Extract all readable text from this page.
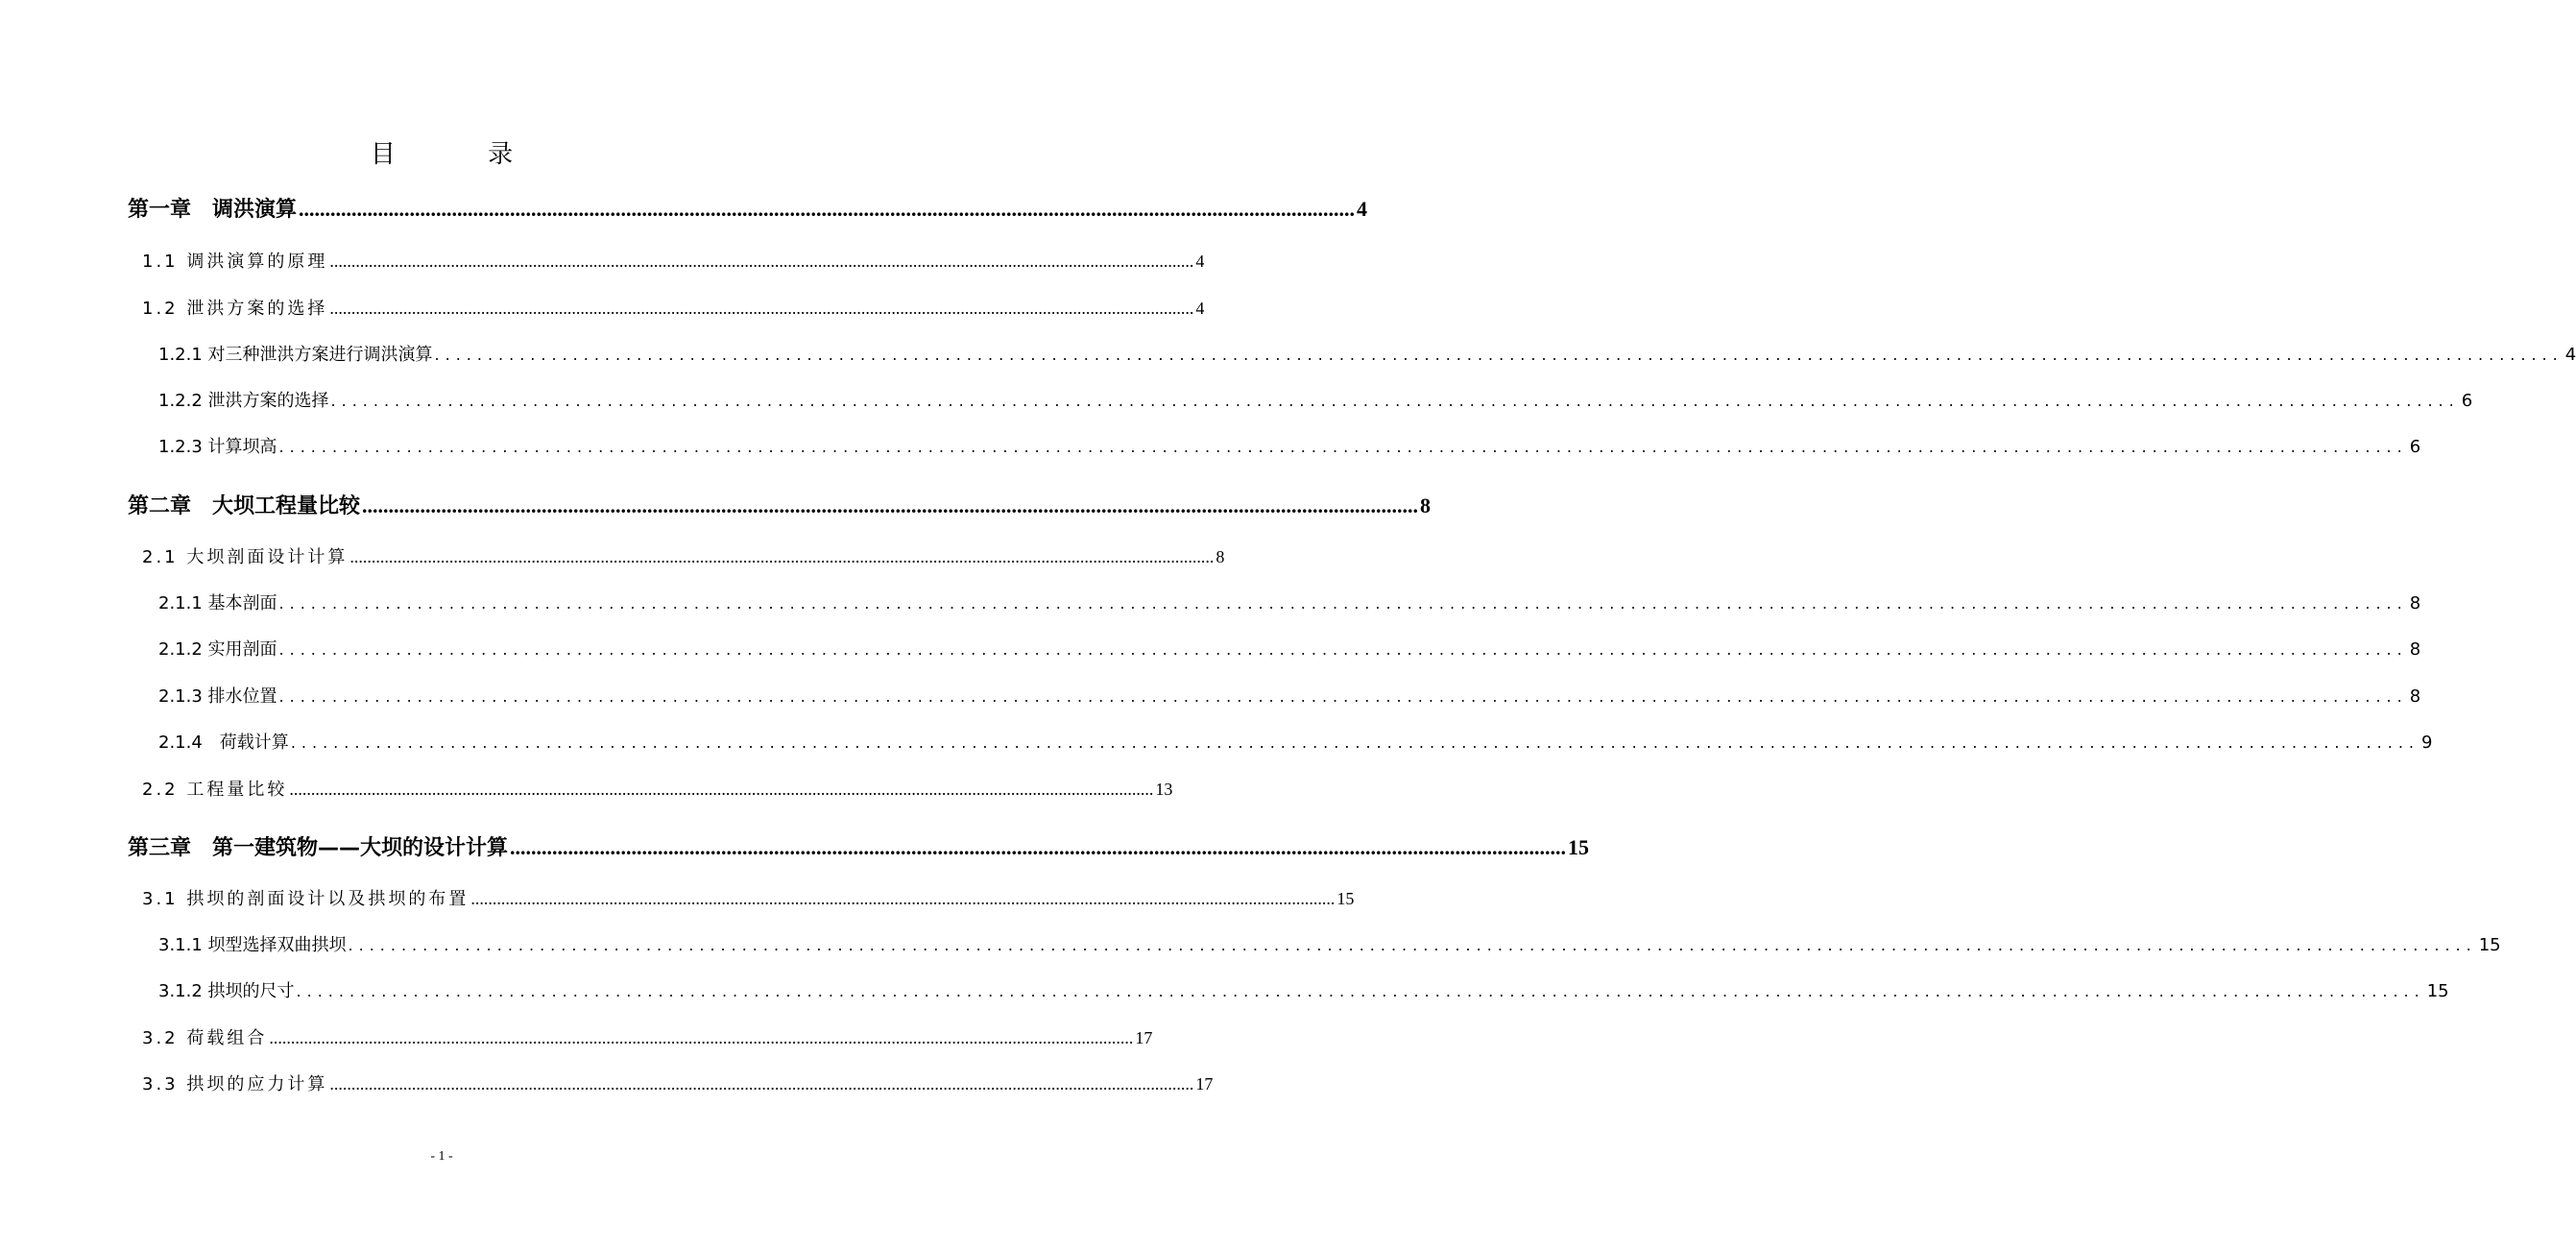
目 录
第一章　调洪演算 ........................................................................................................................................................................................................ 4
1.1 调洪演算的原理 ........................................................................................................................................................................................................ 4
1.2 泄洪方案的选择 ........................................................................................................................................................................................................ 4
1.2.1 对三种泄洪方案进行调洪演算 ........................................................................................................................................................................................................ 4
1.2.2 泄洪方案的选择 ........................................................................................................................................................................................................ 6
1.2.3 计算坝高 ........................................................................................................................................................................................................ 6
第二章　大坝工程量比较 ........................................................................................................................................................................................................ 8
2.1 大坝剖面设计计算 ........................................................................................................................................................................................................ 8
2.1.1 基本剖面 ........................................................................................................................................................................................................ 8
2.1.2 实用剖面 ........................................................................................................................................................................................................ 8
2.1.3 排水位置 ........................................................................................................................................................................................................ 8
2.1.4　荷载计算 ........................................................................................................................................................................................................ 9
2.2 工程量比较 ........................................................................................................................................................................................................ 13
第三章　第一建筑物——大坝的设计计算 ........................................................................................................................................................................................................ 15
3.1 拱坝的剖面设计以及拱坝的布置 ........................................................................................................................................................................................................ 15
3.1.1 坝型选择双曲拱坝 ........................................................................................................................................................................................................ 15
3.1.2 拱坝的尺寸 ........................................................................................................................................................................................................ 15
3.2 荷载组合 ........................................................................................................................................................................................................ 17
3.3 拱坝的应力计算 ........................................................................................................................................................................................................ 17
- 1 -
